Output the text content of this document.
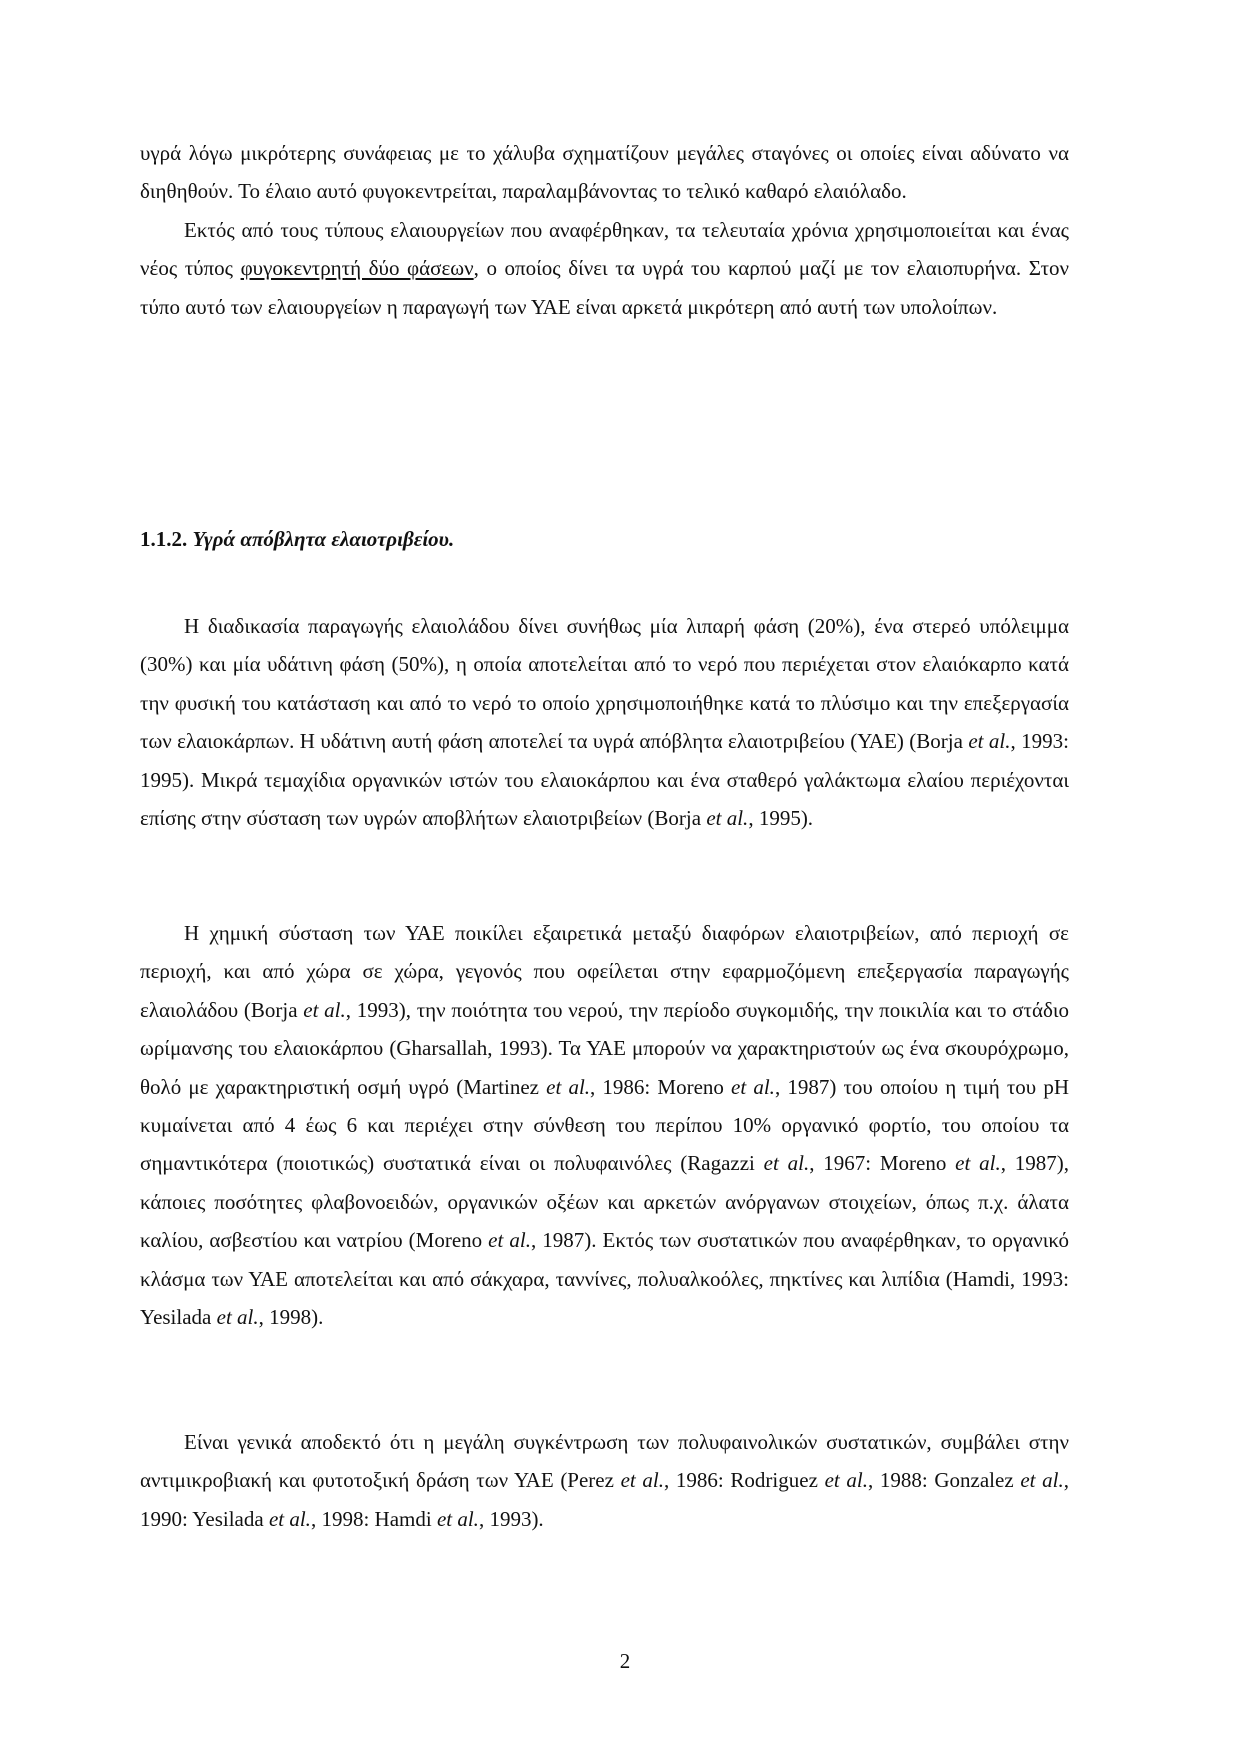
υγρά λόγω μικρότερης συνάφειας με το χάλυβα σχηματίζουν μεγάλες σταγόνες οι οποίες είναι αδύνατο να διηθηθούν. Το έλαιο αυτό φυγοκεντρείται, παραλαμβάνοντας το τελικό καθαρό ελαιόλαδο.

Εκτός από τους τύπους ελαιουργείων που αναφέρθηκαν, τα τελευταία χρόνια χρησιμοποιείται και ένας νέος τύπος φυγοκεντρητή δύο φάσεων, ο οποίος δίνει τα υγρά του καρπού μαζί με τον ελαιοπυρήνα. Στον τύπο αυτό των ελαιουργείων η παραγωγή των ΥΑΕ είναι αρκετά μικρότερη από αυτή των υπολοίπων.

1.1.2. Υγρά απόβλητα ελαιοτριβείου.

Η διαδικασία παραγωγής ελαιολάδου δίνει συνήθως μία λιπαρή φάση (20%), ένα στερεό υπόλειμμα (30%) και μία υδάτινη φάση (50%), η οποία αποτελείται από το νερό που περιέχεται στον ελαιόκαρπο κατά την φυσική του κατάσταση και από το νερό το οποίο χρησιμοποιήθηκε κατά το πλύσιμο και την επεξεργασία των ελαιοκάρπων. Η υδάτινη αυτή φάση αποτελεί τα υγρά απόβλητα ελαιοτριβείου (ΥΑΕ) (Borja et al., 1993: 1995). Μικρά τεμαχίδια οργανικών ιστών του ελαιοκάρπου και ένα σταθερό γαλάκτωμα ελαίου περιέχονται επίσης στην σύσταση των υγρών αποβλήτων ελαιοτριβείων (Borja et al., 1995).

Η χημική σύσταση των ΥΑΕ ποικίλει εξαιρετικά μεταξύ διαφόρων ελαιοτριβείων, από περιοχή σε περιοχή, και από χώρα σε χώρα, γεγονός που οφείλεται στην εφαρμοζόμενη επεξεργασία παραγωγής ελαιολάδου (Borja et al., 1993), την ποιότητα του νερού, την περίοδο συγκομιδής, την ποικιλία και το στάδιο ωρίμανσης του ελαιοκάρπου (Gharsallah, 1993). Τα ΥΑΕ μπορούν να χαρακτηριστούν ως ένα σκουρόχρωμο, θολό με χαρακτηριστική οσμή υγρό (Martinez et al., 1986: Moreno et al., 1987) του οποίου η τιμή του pH κυμαίνεται από 4 έως 6 και περιέχει στην σύνθεση του περίπου 10% οργανικό φορτίο, του οποίου τα σημαντικότερα (ποιοτικώς) συστατικά είναι οι πολυφαινόλες (Ragazzi et al., 1967: Moreno et al., 1987), κάποιες ποσότητες φλαβονοειδών, οργανικών οξέων και αρκετών ανόργανων στοιχείων, όπως π.χ. άλατα καλίου, ασβεστίου και νατρίου (Moreno et al., 1987). Εκτός των συστατικών που αναφέρθηκαν, το οργανικό κλάσμα των ΥΑΕ αποτελείται και από σάκχαρα, ταννίνες, πολυαλκοόλες, πηκτίνες και λιπίδια (Hamdi, 1993: Yesilada et al., 1998).

Είναι γενικά αποδεκτό ότι η μεγάλη συγκέντρωση των πολυφαινολικών συστατικών, συμβάλει στην αντιμικροβιακή και φυτοτοξική δράση των ΥΑΕ (Perez et al., 1986: Rodriguez et al., 1988: Gonzalez et al., 1990: Yesilada et al., 1998: Hamdi et al., 1993).

2
